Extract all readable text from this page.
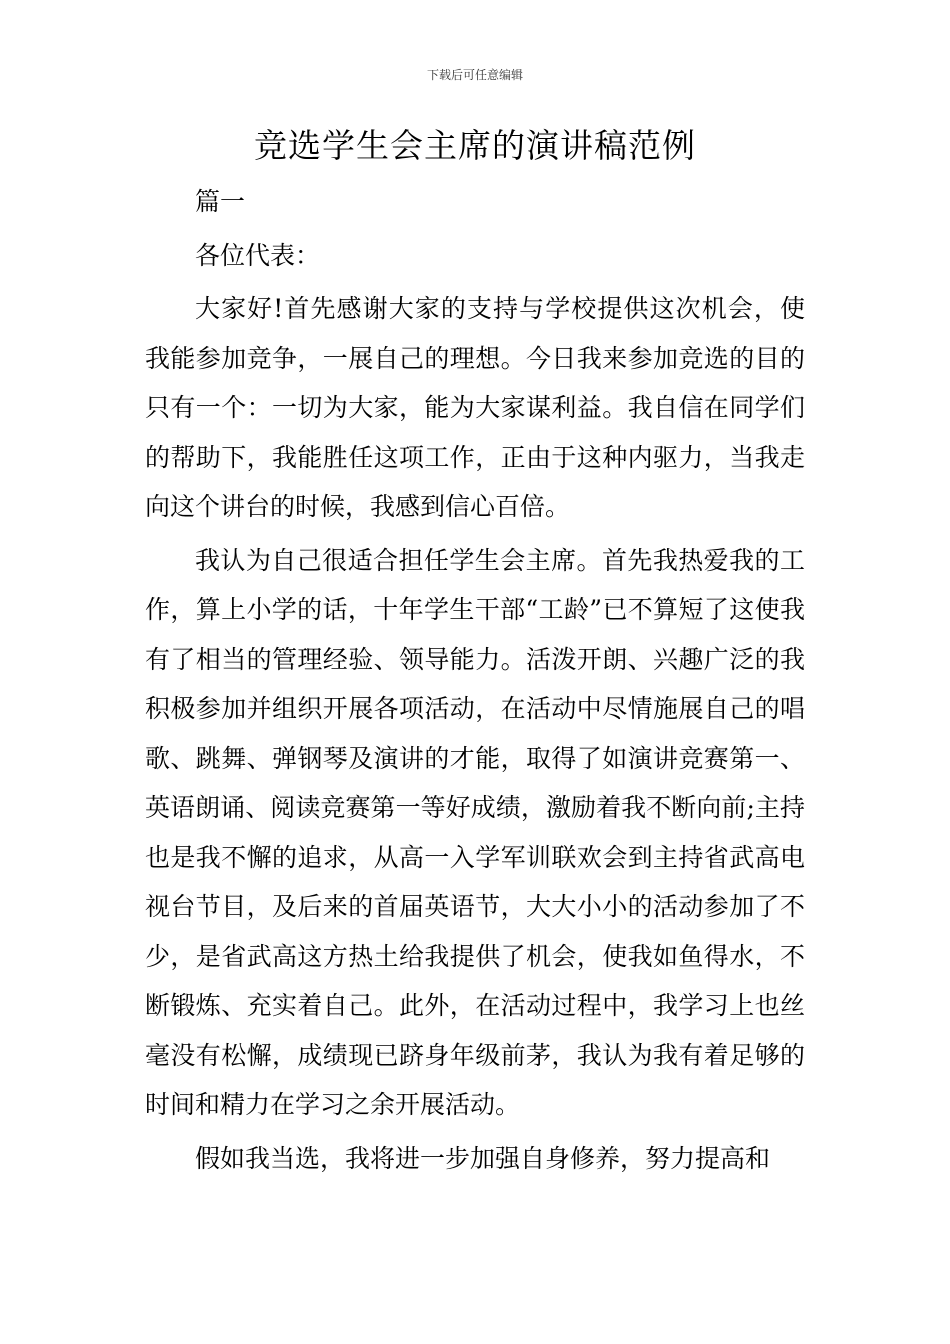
下载后可任意编辑
竞选学生会主席的演讲稿范例

篇一

各位代表：

大家好!首先感谢大家的支持与学校提供这次机会，使我能参加竞争，一展自己的理想。今日我来参加竞选的目的只有一个：一切为大家，能为大家谋利益。我自信在同学们的帮助下，我能胜任这项工作，正由于这种内驱力，当我走向这个讲台的时候，我感到信心百倍。

我认为自己很适合担任学生会主席。首先我热爱我的工作，算上小学的话，十年学生干部“工龄”已不算短了这使我有了相当的管理经验、领导能力。活泼开朗、兴趣广泛的我积极参加并组织开展各项活动，在活动中尽情施展自己的唱歌、跳舞、弹钢琴及演讲的才能，取得了如演讲竞赛第一、英语朗诵、阅读竞赛第一等好成绩，激励着我不断向前;主持也是我不懈的追求，从高一入学军训联欢会到主持省武高电视台节目，及后来的首届英语节，大大小小的活动参加了不少，是省武高这方热土给我提供了机会，使我如鱼得水，不断锻炼、充实着自己。此外，在活动过程中，我学习上也丝毫没有松懈，成绩现已跻身年级前茅，我认为我有着足够的时间和精力在学习之余开展活动。

假如我当选，我将进一步加强自身修养，努力提高和
